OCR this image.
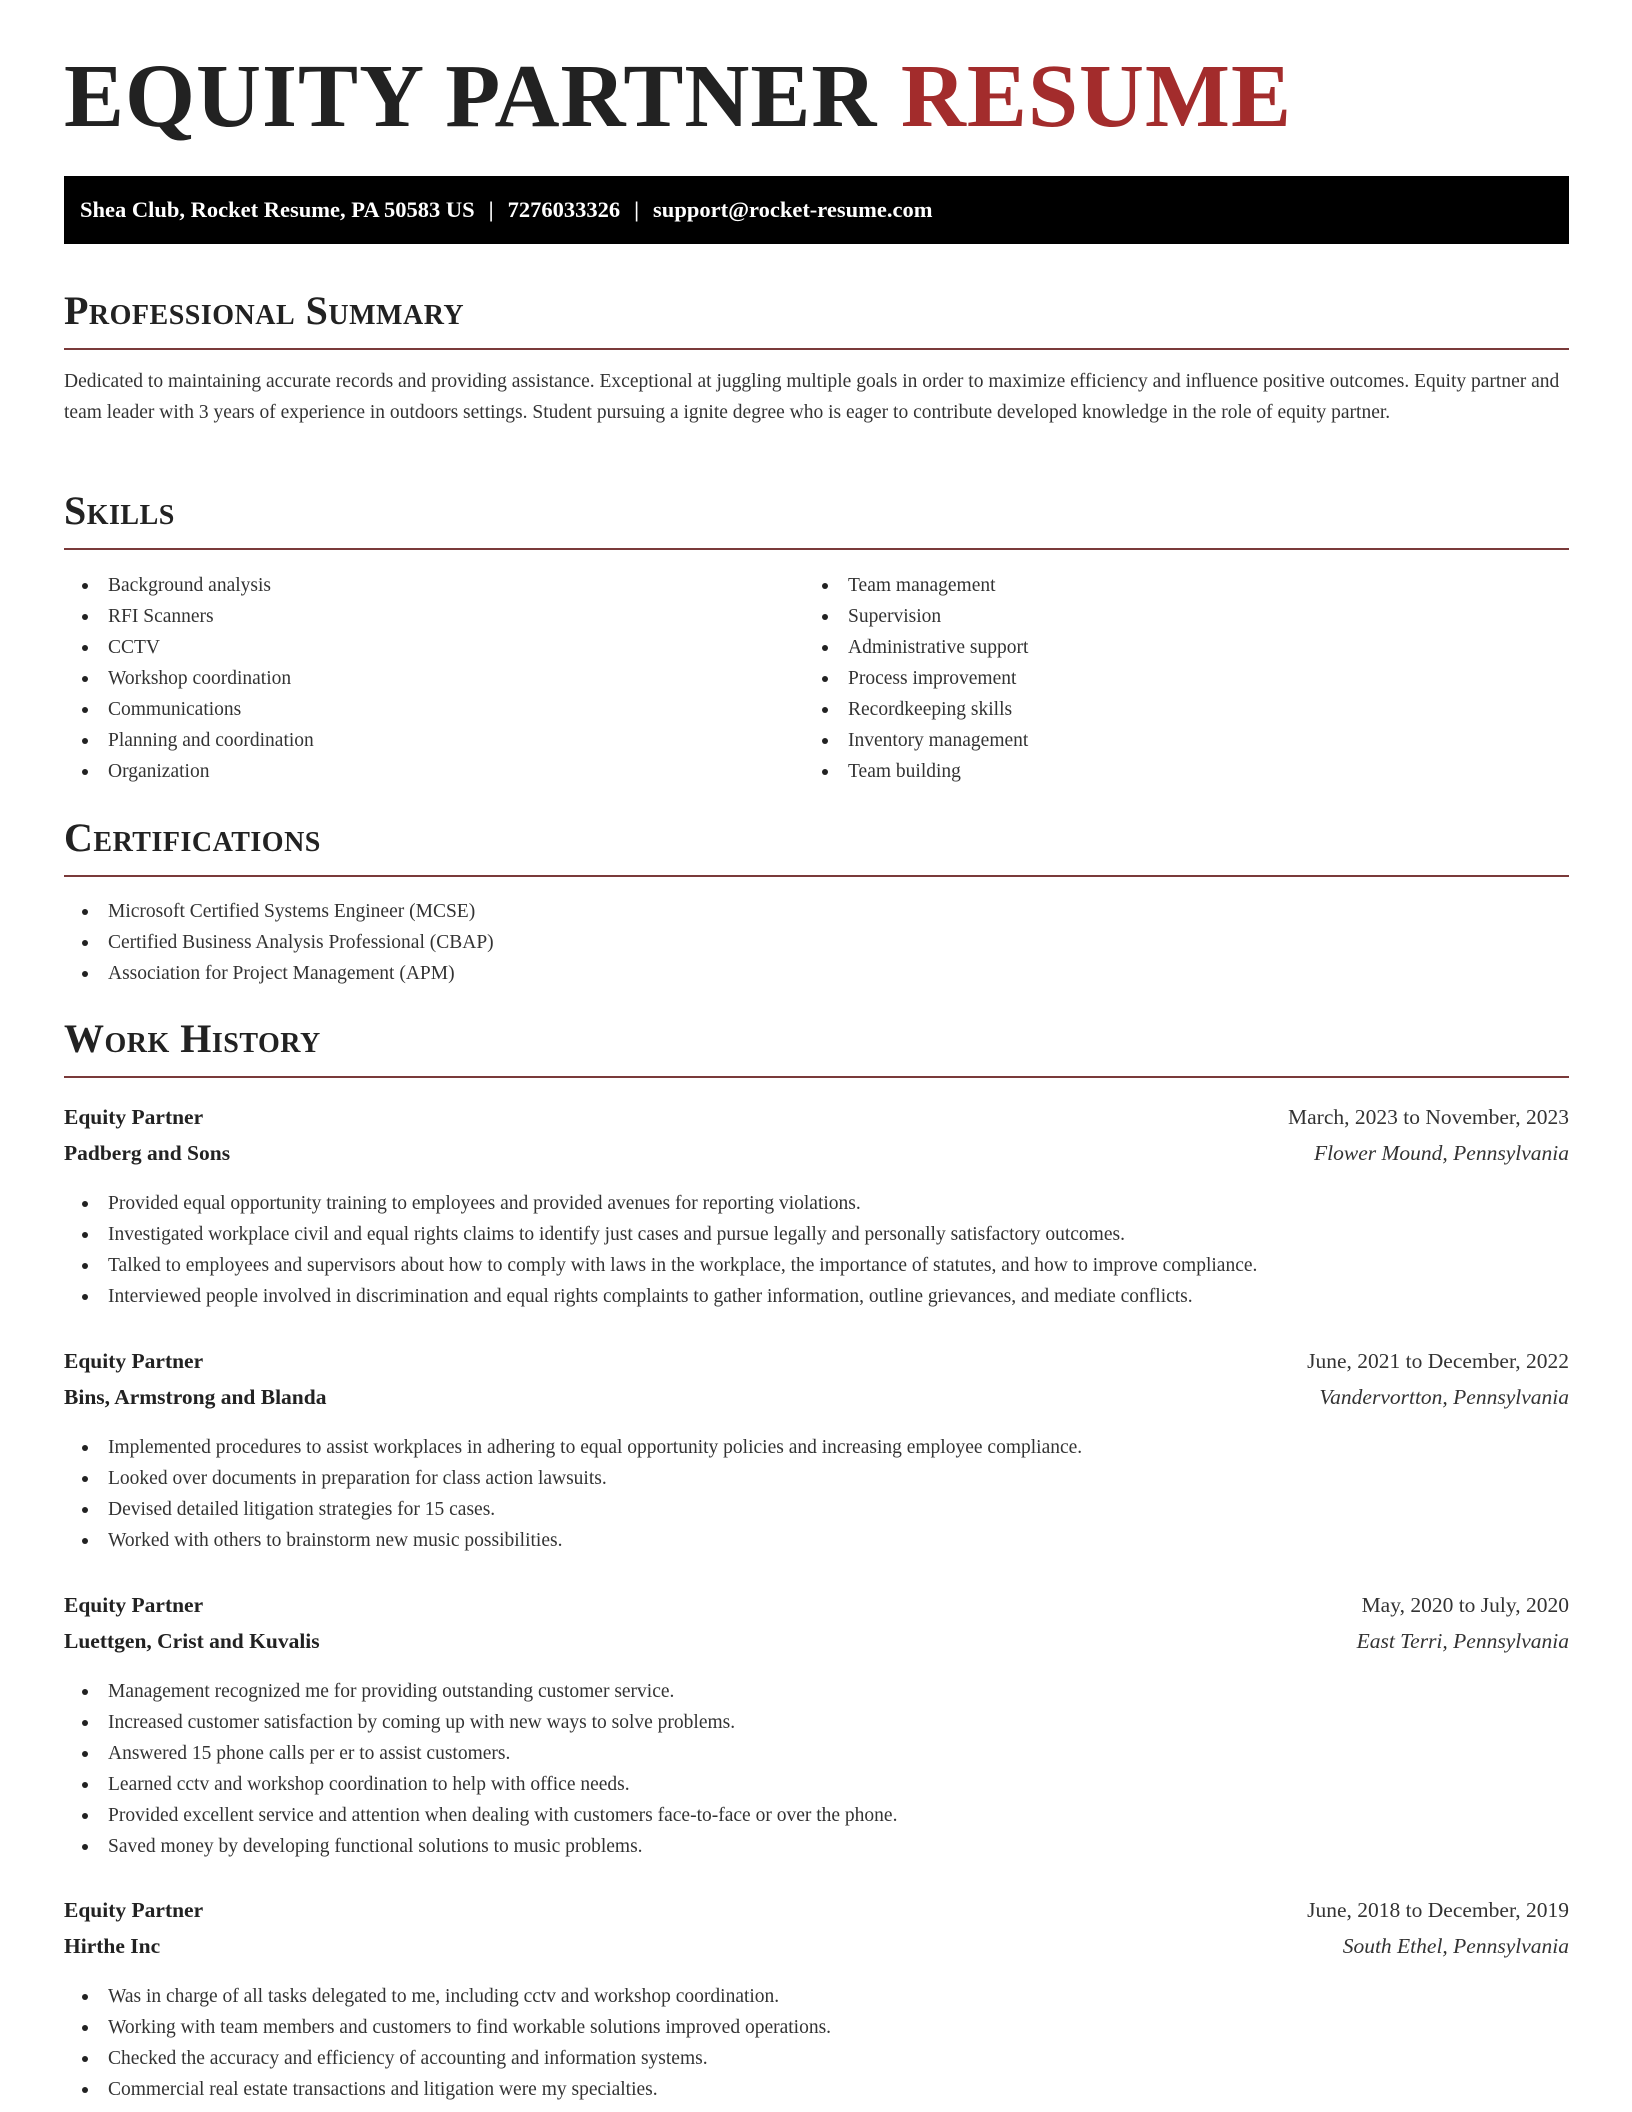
EQUITY PARTNER RESUME
Shea Club, Rocket Resume, PA 50583 US | 7276033326 | support@rocket-resume.com
Professional Summary

Dedicated to maintaining accurate records and providing assistance. Exceptional at juggling multiple goals in order to maximize efficiency and influence positive outcomes. Equity partner and team leader with 3 years of experience in outdoors settings. Student pursuing a ignite degree who is eager to contribute developed knowledge in the role of equity partner.

Skills
Background analysis
RFI Scanners
CCTV
Workshop coordination
Communications
Planning and coordination
Organization
Team management
Supervision
Administrative support
Process improvement
Recordkeeping skills
Inventory management
Team building
Certifications
Microsoft Certified Systems Engineer (MCSE)
Certified Business Analysis Professional (CBAP)
Association for Project Management (APM)
Work History
Equity Partner	March, 2023 to November, 2023
Padberg and Sons	Flower Mound, Pennsylvania
Provided equal opportunity training to employees and provided avenues for reporting violations.
Investigated workplace civil and equal rights claims to identify just cases and pursue legally and personally satisfactory outcomes.
Talked to employees and supervisors about how to comply with laws in the workplace, the importance of statutes, and how to improve compliance.
Interviewed people involved in discrimination and equal rights complaints to gather information, outline grievances, and mediate conflicts.
Equity Partner	June, 2021 to December, 2022
Bins, Armstrong and Blanda	Vandervortton, Pennsylvania
Implemented procedures to assist workplaces in adhering to equal opportunity policies and increasing employee compliance.
Looked over documents in preparation for class action lawsuits.
Devised detailed litigation strategies for 15 cases.
Worked with others to brainstorm new music possibilities.
Equity Partner	May, 2020 to July, 2020
Luettgen, Crist and Kuvalis	East Terri, Pennsylvania
Management recognized me for providing outstanding customer service.
Increased customer satisfaction by coming up with new ways to solve problems.
Answered 15 phone calls per er to assist customers.
Learned cctv and workshop coordination to help with office needs.
Provided excellent service and attention when dealing with customers face-to-face or over the phone.
Saved money by developing functional solutions to music problems.
Equity Partner	June, 2018 to December, 2019
Hirthe Inc	South Ethel, Pennsylvania
Was in charge of all tasks delegated to me, including cctv and workshop coordination.
Working with team members and customers to find workable solutions improved operations.
Checked the accuracy and efficiency of accounting and information systems.
Commercial real estate transactions and litigation were my specialties.
